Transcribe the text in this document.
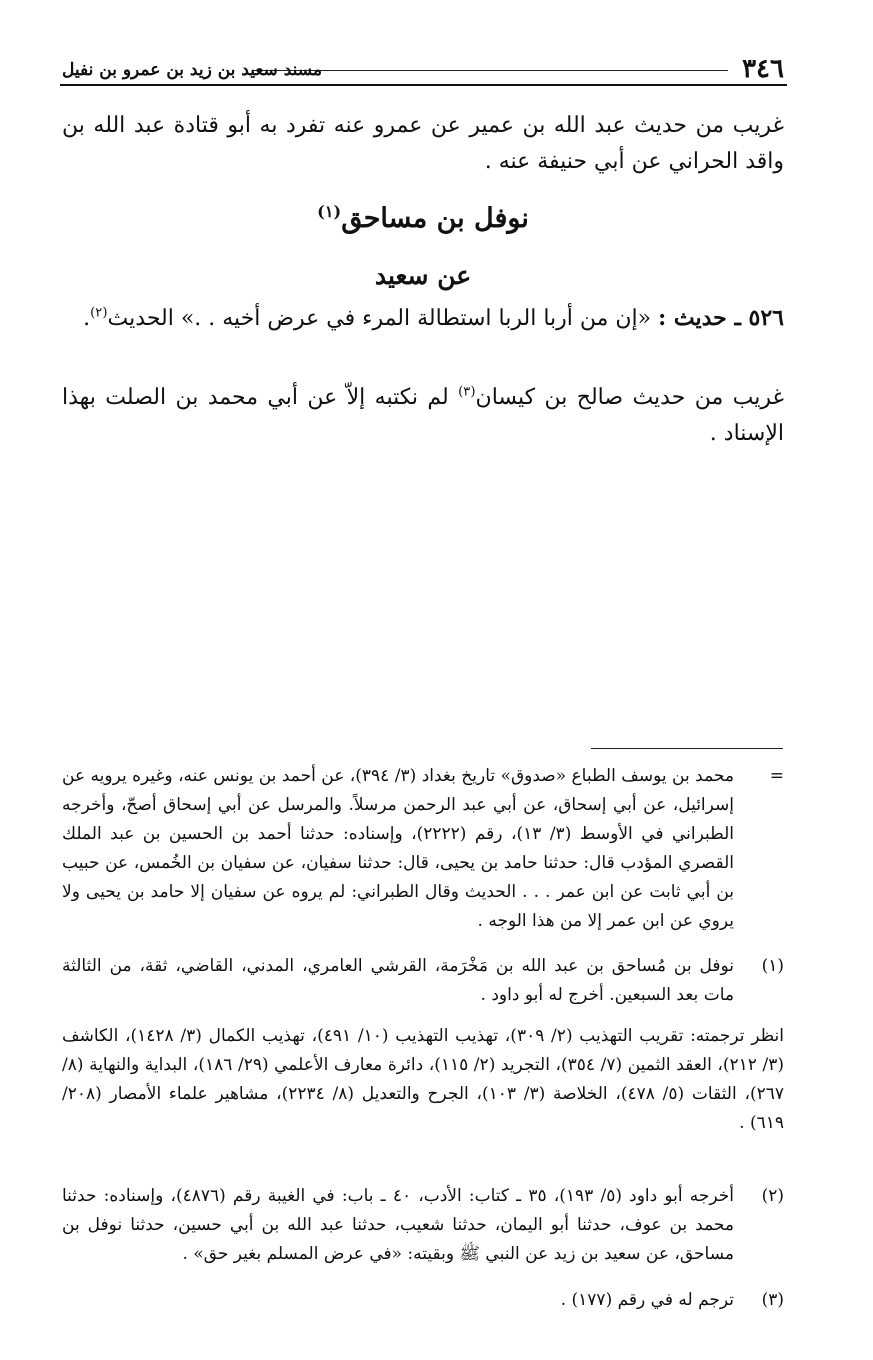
٣٤٦
مسند سعيد بن زيد بن عمرو بن نفيل

غريب من حديث عبد الله بن عمير عن عمرو عنه تفرد به أبو قتادة عبد الله بن واقد الحراني عن أبي حنيفة عنه .

نوفل بن مساحق$^{(١)}$
عن سعيد

٥٢٦ ـ حديث : «إن من أربا الربا استطالة المرء في عرض أخيه . .» الحديث$^{(٢)}$.

غريب من حديث صالح بن كيسان$^{(٣)}$ لم نكتبه إلاّ عن أبي محمد بن الصلت بهذا الإسناد .

=
محمد بن يوسف الطباع «صدوق» تاريخ بغداد (٣/ ٣٩٤)، عن أحمد بن يونس عنه، وغيره يرويه عن إسرائيل، عن أبي إسحاق، عن أبي عبد الرحمن مرسلاً. والمرسل عن أبي إسحاق أصحّ، وأخرجه الطبراني في الأوسط (٣/ ١٣)، رقم (٢٢٢٢)، وإسناده: حدثنا أحمد بن الحسين بن عبد الملك القصري المؤدب قال: حدثنا حامد بن يحيى، قال: حدثنا سفيان، عن سفيان بن الخُمس، عن حبيب بن أبي ثابت عن ابن عمر . . . الحديث وقال الطبراني: لم يروه عن سفيان إلا حامد بن يحيى ولا يروي عن ابن عمر إلا من هذا الوجه .
(١)
نوفل بن مُساحق بن عبد الله بن مَخْرَمة، القرشي العامري، المدني، القاضي، ثقة، من الثالثة مات بعد السبعين. أخرج له أبو داود .
انظر ترجمته: تقريب التهذيب (٢/ ٣٠٩)، تهذيب التهذيب (١٠/ ٤٩١)، تهذيب الكمال (٣/ ١٤٢٨)، الكاشف (٣/ ٢١٢)، العقد الثمين (٧/ ٣٥٤)، التجريد (٢/ ١١٥)، دائرة معارف الأعلمي (٢٩/ ١٨٦)، البداية والنهاية (٨/ ٢٦٧)، الثقات (٥/ ٤٧٨)، الخلاصة (٣/ ١٠٣)، الجرح والتعديل (٨/ ٢٢٣٤)، مشاهير علماء الأمصار (٢٠٨/ ٦١٩) .
(٢)
أخرجه أبو داود (٥/ ١٩٣)، ٣٥ ـ كتاب: الأدب، ٤٠ ـ باب: في الغيبة رقم (٤٨٧٦)، وإسناده: حدثنا محمد بن عوف، حدثنا أبو اليمان، حدثنا شعيب، حدثنا عبد الله بن أبي حسين، حدثنا نوفل بن مساحق، عن سعيد بن زيد عن النبي ﷺ وبقيته: «في عرض المسلم بغير حق» .
(٣)
ترجم له في رقم (١٧٧) .
